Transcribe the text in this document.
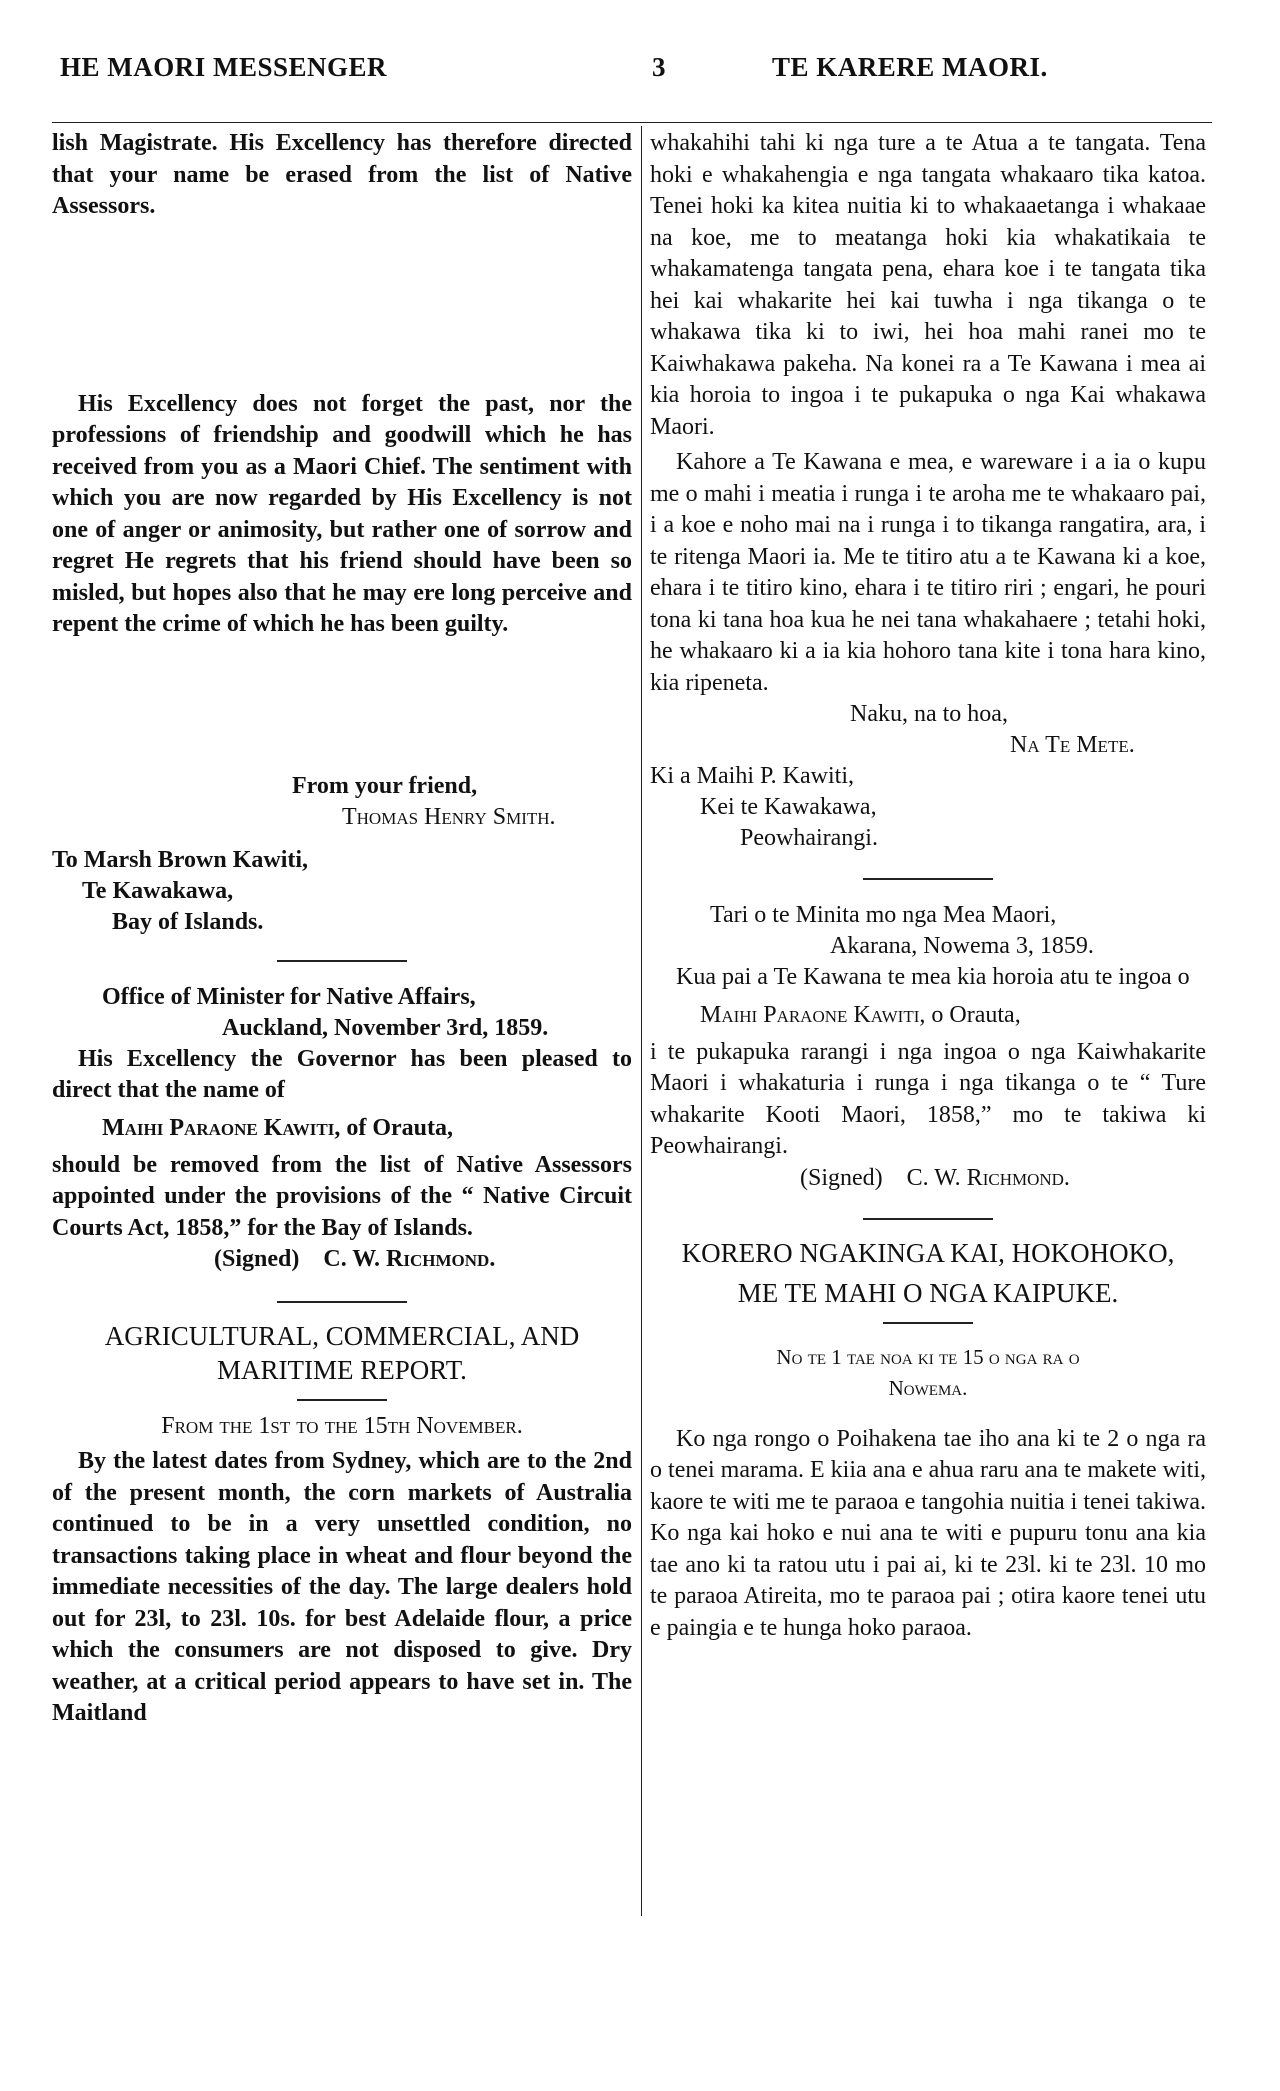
HE MAORI MESSENGER	3	TE KARERE MAORI.

lish Magistrate. His Excellency has therefore directed that your name be erased from the list of Native Assessors.

His Excellency does not forget the past, nor the professions of friendship and goodwill which he has received from you as a Maori Chief. The sentiment with which you are now regarded by His Excellency is not one of anger or animosity, but rather one of sorrow and regret He regrets that his friend should have been so misled, but hopes also that he may ere long perceive and repent the crime of which he has been guilty.

From your friend,

Thomas Henry Smith.

To Marsh Brown Kawiti,

Te Kawakawa,

Bay of Islands.

Office of Minister for Native Affairs,

Auckland, November 3rd, 1859.

His Excellency the Governor has been pleased to direct that the name of

Maihi Paraone Kawiti, of Orauta,

should be removed from the list of Native Assessors appointed under the provisions of the “ Native Circuit Courts Act, 1858,” for the Bay of Islands.

(Signed) C. W. Richmond.

AGRICULTURAL, COMMERCIAL, AND

MARITIME REPORT.

From the 1st to the 15th November.

By the latest dates from Sydney, which are to the 2nd of the present month, the corn markets of Australia continued to be in a very unsettled condition, no transactions taking place in wheat and flour beyond the immediate necessities of the day. The large dealers hold out for 23l, to 23l. 10s. for best Adelaide flour, a price which the consumers are not disposed to give. Dry weather, at a critical period appears to have set in. The Maitland

whakahihi tahi ki nga ture a te Atua a te tangata. Tena hoki e whakahengia e nga tangata whakaaro tika katoa. Tenei hoki ka kitea nuitia ki to whakaaetanga i whakaae na koe, me to meatanga hoki kia whakatikaia te whakamatenga tangata pena, ehara koe i te tangata tika hei kai whakarite hei kai tuwha i nga tikanga o te whakawa tika ki to iwi, hei hoa mahi ranei mo te Kaiwhakawa pakeha. Na konei ra a Te Kawana i mea ai kia horoia to ingoa i te pukapuka o nga Kai whakawa Maori.

Kahore a Te Kawana e mea, e wareware i a ia o kupu me o mahi i meatia i runga i te aroha me te whakaaro pai, i a koe e noho mai na i runga i to tikanga rangatira, ara, i te ritenga Maori ia. Me te titiro atu a te Kawana ki a koe, ehara i te titiro kino, ehara i te titiro riri ; engari, he pouri tona ki tana hoa kua he nei tana whakahaere ; tetahi hoki, he whakaaro ki a ia kia hohoro tana kite i tona hara kino, kia ripeneta.

Naku, na to hoa,

Na Te Mete.

Ki a Maihi P. Kawiti,

Kei te Kawakawa,

Peowhairangi.

Tari o te Minita mo nga Mea Maori,

Akarana, Nowema 3, 1859.

Kua pai a Te Kawana te mea kia horoia atu te ingoa o

Maihi Paraone Kawiti, o Orauta,

i te pukapuka rarangi i nga ingoa o nga Kaiwhakarite Maori i whakaturia i runga i nga tikanga o te “ Ture whakarite Kooti Maori, 1858,” mo te takiwa ki Peowhairangi.

(Signed) C. W. Richmond.

KORERO NGAKINGA KAI, HOKOHOKO,

ME TE MAHI O NGA KAIPUKE.

No te 1 tae noa ki te 15 o nga ra o

Nowema.

Ko nga rongo o Poihakena tae iho ana ki te 2 o nga ra o tenei marama. E kiia ana e ahua raru ana te makete witi, kaore te witi me te paraoa e tangohia nuitia i tenei takiwa. Ko nga kai hoko e nui ana te witi e pupuru tonu ana kia tae ano ki ta ratou utu i pai ai, ki te 23l. ki te 23l. 10 mo te paraoa Atireita, mo te paraoa pai ; otira kaore tenei utu e paingia e te hunga hoko paraoa.
